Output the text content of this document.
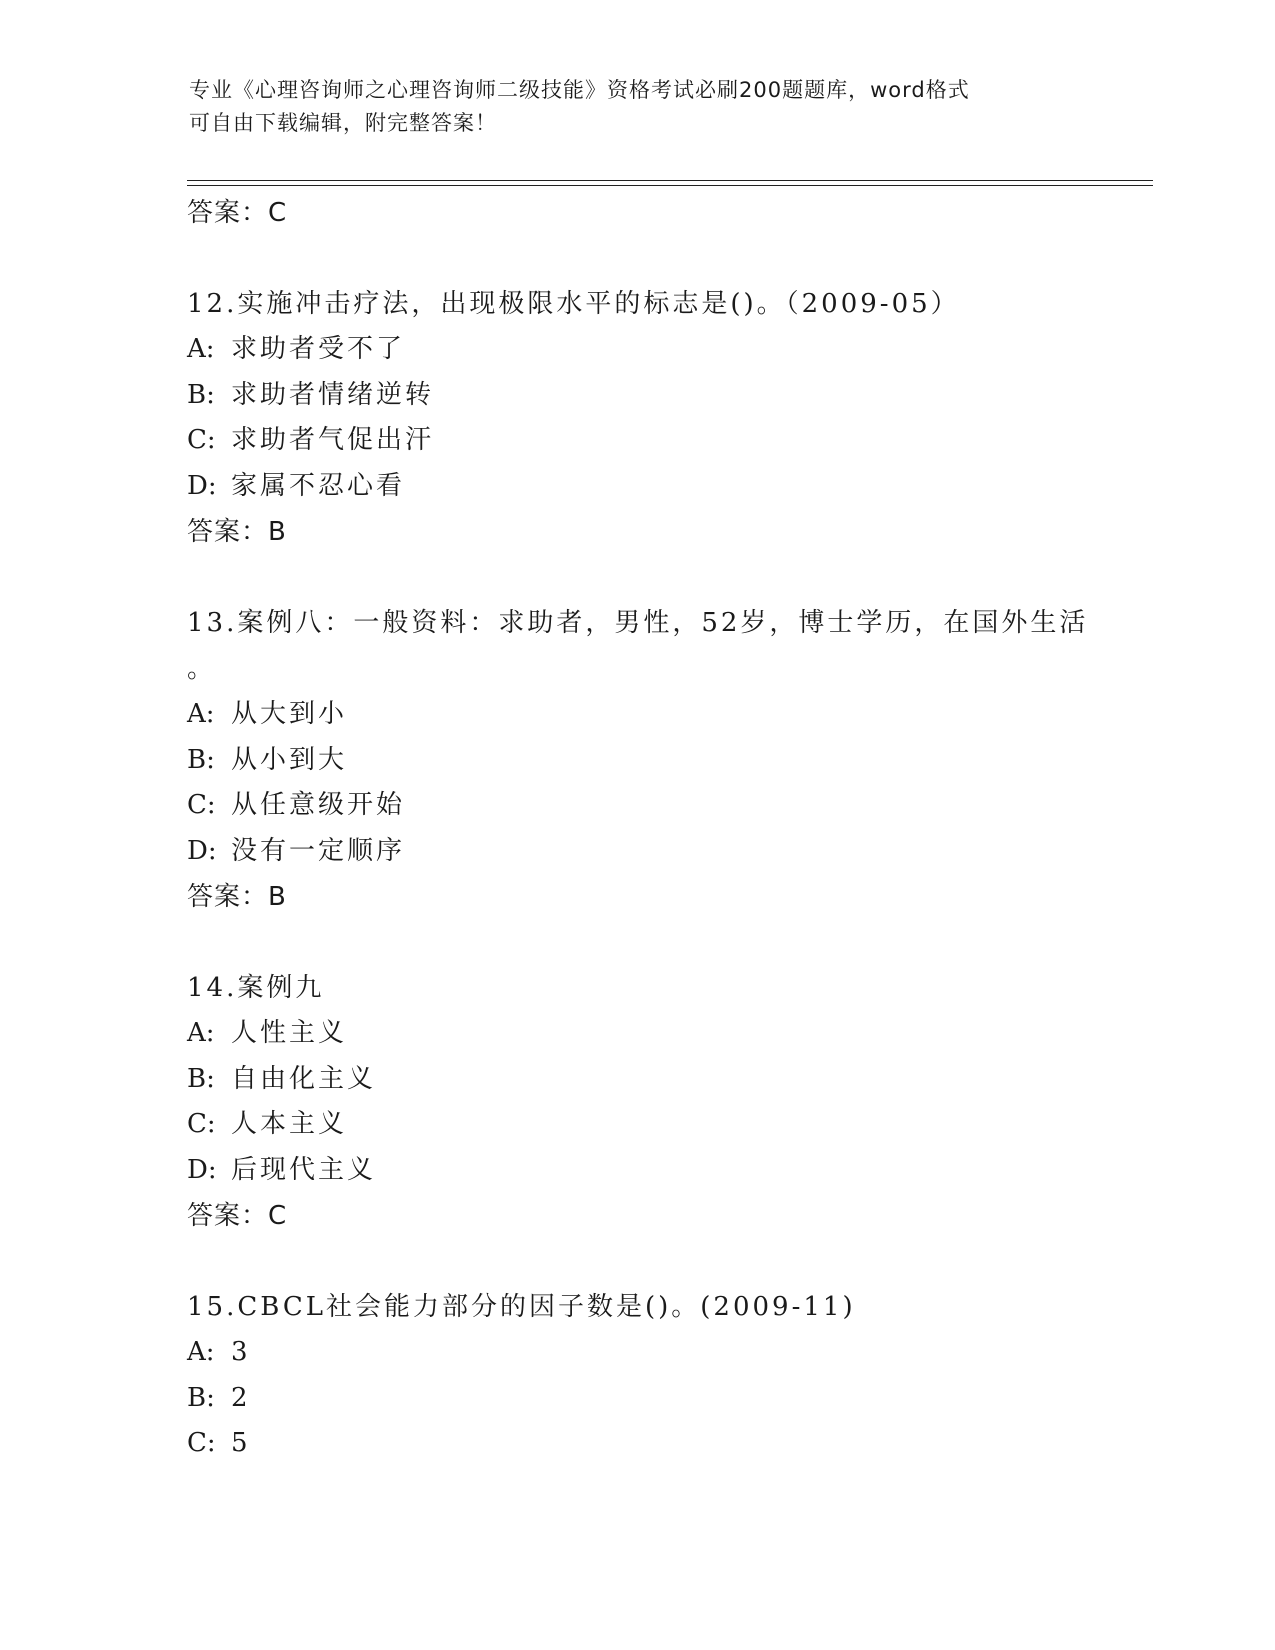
专业《心理咨询师之心理咨询师二级技能》资格考试必刷200题题库，word格式
可自由下载编辑，附完整答案！
答案：C
12.实施冲击疗法，出现极限水平的标志是()。（2009-05）
A: 求助者受不了
B: 求助者情绪逆转
C: 求助者气促出汗
D: 家属不忍心看
答案：B
13.案例八：一般资料：求助者，男性，52岁，博士学历，在国外生活
。
A: 从大到小
B: 从小到大
C: 从任意级开始
D: 没有一定顺序
答案：B
14.案例九
A: 人性主义
B: 自由化主义
C: 人本主义
D: 后现代主义
答案：C
15.CBCL社会能力部分的因子数是()。(2009-11)
A: 3
B: 2
C: 5
